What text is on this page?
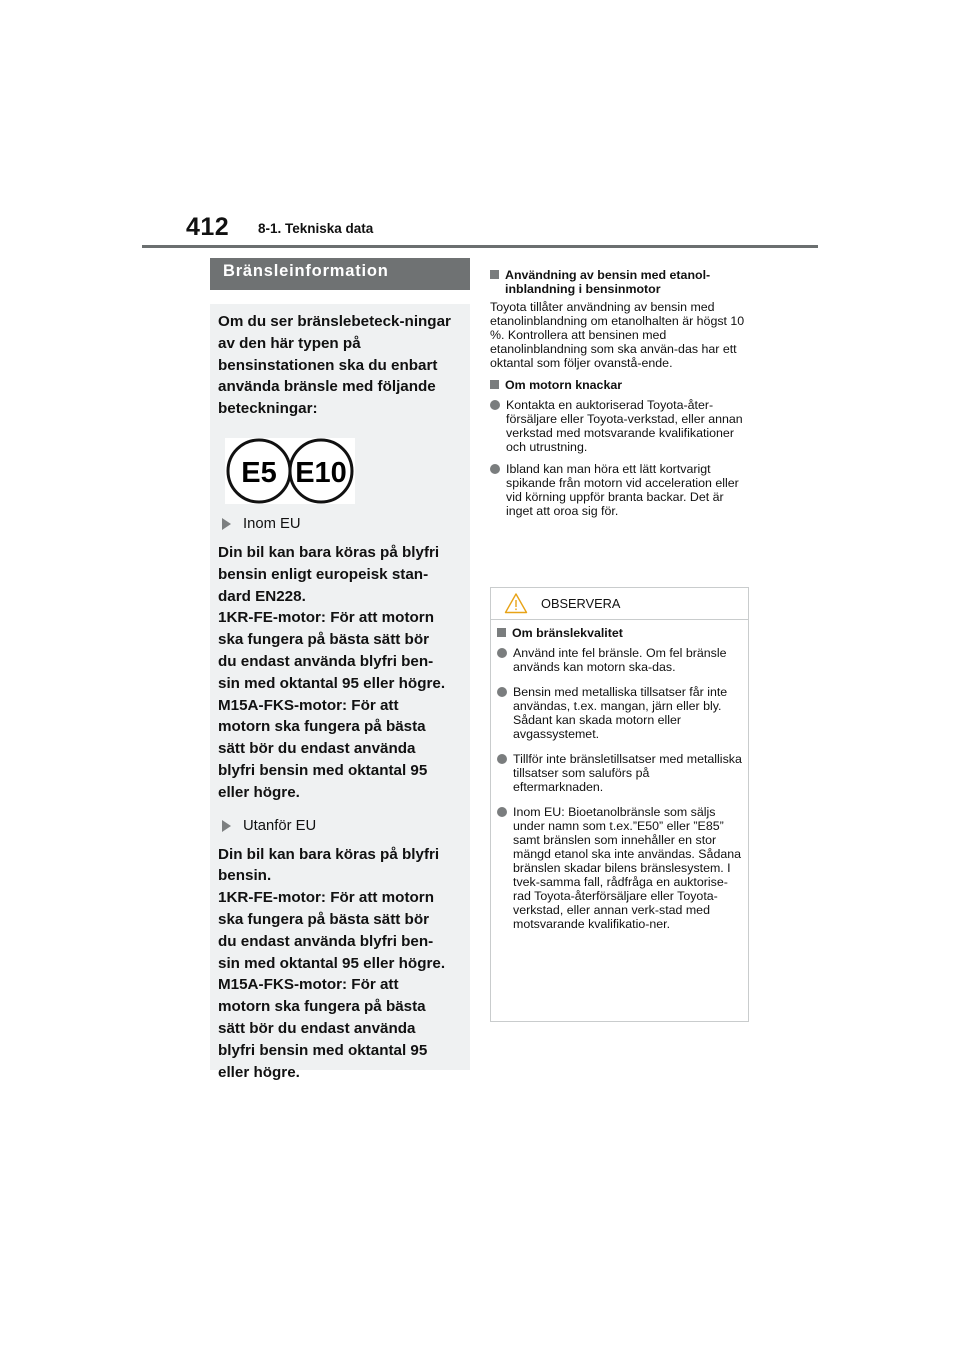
412 8-1. Tekniska data
Bränsleinformation

Om du ser bränslebeteck-ningar av den här typen på bensinstationen ska du enbart använda bränsle med följande beteckningar:

E5 E10
Inom EU

Din bil kan bara köras på blyfri

bensin enligt europeisk stan-

dard EN228.

1KR-FE-motor: För att motorn

ska fungera på bästa sätt bör

du endast använda blyfri ben-

sin med oktantal 95 eller högre.

M15A-FKS-motor: För att

motorn ska fungera på bästa

sätt bör du endast använda

blyfri bensin med oktantal 95

eller högre.

Utanför EU

Din bil kan bara köras på blyfri

bensin.

1KR-FE-motor: För att motorn

ska fungera på bästa sätt bör

du endast använda blyfri ben-

sin med oktantal 95 eller högre.

M15A-FKS-motor: För att

motorn ska fungera på bästa

sätt bör du endast använda

blyfri bensin med oktantal 95

eller högre.

Användning av bensin med etanol-inblandning i bensinmotor

Toyota tillåter användning av bensin med etanolinblandning om etanolhalten är högst 10 %. Kontrollera att bensinen med etanolinblandning som ska använ-das har ett oktantal som följer ovanstå-ende.

Om motorn knackar
Kontakta en auktoriserad Toyota-åter-försäljare eller Toyota-verkstad, eller annan verkstad med motsvarande kvalifikationer och utrustning.
Ibland kan man höra ett lätt kortvarigt spikande från motorn vid acceleration eller vid körning uppför branta backar. Det är inget att oroa sig för.
OBSERVERA
Om bränslekvalitet
Använd inte fel bränsle. Om fel bränsle används kan motorn ska-das.
Bensin med metalliska tillsatser får inte användas, t.ex. mangan, järn eller bly. Sådant kan skada motorn eller avgassystemet.
Tillför inte bränsletillsatser med metalliska tillsatser som saluförs på eftermarknaden.
Inom EU: Bioetanolbränsle som säljs under namn som t.ex.”E50” eller ”E85” samt bränslen som innehåller en stor mängd etanol ska inte användas. Sådana bränslen skadar bilens bränslesystem. I tvek-samma fall, rådfråga en auktorise-rad Toyota-återförsäljare eller Toyota-verkstad, eller annan verk-stad med motsvarande kvalifikatio-ner.
